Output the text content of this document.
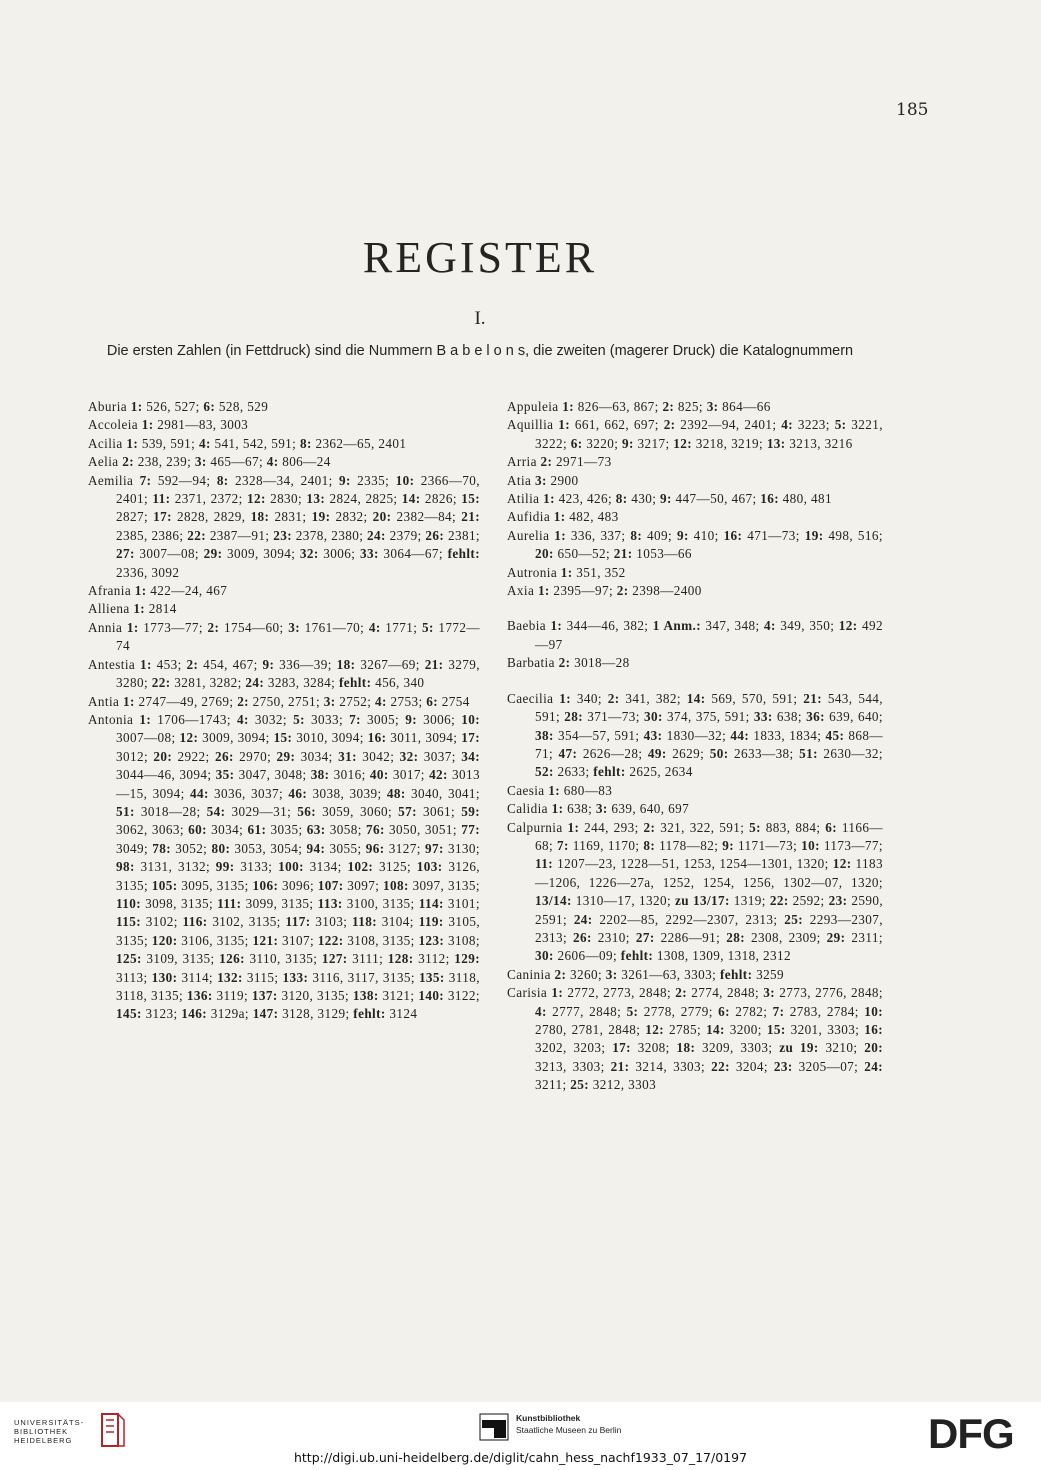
185
REGISTER
I.
Die ersten Zahlen (in Fettdruck) sind die Nummern B a b e l o n s, die zweiten (magerer Druck) die Katalognummern
Aburia 1: 526, 527; 6: 528, 529
Accoleia 1: 2981—83, 3003
Acilia 1: 539, 591; 4: 541, 542, 591; 8: 2362—65, 2401
Aelia 2: 238, 239; 3: 465—67; 4: 806—24
Aemilia 7: 592—94; 8: 2328—34, 2401; 9: 2335; 10: 2366—70, 2401; 11: 2371, 2372; 12: 2830; 13: 2824, 2825; 14: 2826; 15: 2827; 17: 2828, 2829, 18: 2831; 19: 2832; 20: 2382—84; 21: 2385, 2386; 22: 2387—91; 23: 2378, 2380; 24: 2379; 26: 2381; 27: 3007—08; 29: 3009, 3094; 32: 3006; 33: 3064—67; fehlt: 2336, 3092
Afrania 1: 422—24, 467
Alliena 1: 2814
Annia 1: 1773—77; 2: 1754—60; 3: 1761—70; 4: 1771; 5: 1772—74
Antestia 1: 453; 2: 454, 467; 9: 336—39; 18: 3267—69; 21: 3279, 3280; 22: 3281, 3282; 24: 3283, 3284; fehlt: 456, 340
Antia 1: 2747—49, 2769; 2: 2750, 2751; 3: 2752; 4: 2753; 6: 2754
Antonia 1: 1706—1743; 4: 3032; 5: 3033; 7: 3005; 9: 3006; 10: 3007—08; 12: 3009, 3094; 15: 3010, 3094; 16: 3011, 3094; 17: 3012; 20: 2922; 26: 2970; 29: 3034; 31: 3042; 32: 3037; 34: 3044—46, 3094; 35: 3047, 3048; 38: 3016; 40: 3017; 42: 3013—15, 3094; 44: 3036, 3037; 46: 3038, 3039; 48: 3040, 3041; 51: 3018—28; 54: 3029—31; 56: 3059, 3060; 57: 3061; 59: 3062, 3063; 60: 3034; 61: 3035; 63: 3058; 76: 3050, 3051; 77: 3049; 78: 3052; 80: 3053, 3054; 94: 3055; 96: 3127; 97: 3130; 98: 3131, 3132; 99: 3133; 100: 3134; 102: 3125; 103: 3126, 3135; 105: 3095, 3135; 106: 3096; 107: 3097; 108: 3097, 3135; 110: 3098, 3135; 111: 3099, 3135; 113: 3100, 3135; 114: 3101; 115: 3102; 116: 3102, 3135; 117: 3103; 118: 3104; 119: 3105, 3135; 120: 3106, 3135; 121: 3107; 122: 3108, 3135; 123: 3108; 125: 3109, 3135; 126: 3110, 3135; 127: 3111; 128: 3112; 129: 3113; 130: 3114; 132: 3115; 133: 3116, 3117, 3135; 135: 3118, 3118, 3135; 136: 3119; 137: 3120, 3135; 138: 3121; 140: 3122; 145: 3123; 146: 3129a; 147: 3128, 3129; fehlt: 3124
Appuleia 1: 826—63, 867; 2: 825; 3: 864—66
Aquillia 1: 661, 662, 697; 2: 2392—94, 2401; 4: 3223; 5: 3221, 3222; 6: 3220; 9: 3217; 12: 3218, 3219; 13: 3213, 3216
Arria 2: 2971—73
Atia 3: 2900
Atilia 1: 423, 426; 8: 430; 9: 447—50, 467; 16: 480, 481
Aufidia 1: 482, 483
Aurelia 1: 336, 337; 8: 409; 9: 410; 16: 471—73; 19: 498, 516; 20: 650—52; 21: 1053—66
Autronia 1: 351, 352
Axia 1: 2395—97; 2: 2398—2400
Baebia 1: 344—46, 382; 1 Anm.: 347, 348; 4: 349, 350; 12: 492—97
Barbatia 2: 3018—28
Caecilia 1: 340; 2: 341, 382; 14: 569, 570, 591; 21: 543, 544, 591; 28: 371—73; 30: 374, 375, 591; 33: 638; 36: 639, 640; 38: 354—57, 591; 43: 1830—32; 44: 1833, 1834; 45: 868—71; 47: 2626—28; 49: 2629; 50: 2633—38; 51: 2630—32; 52: 2633; fehlt: 2625, 2634
Caesia 1: 680—83
Calidia 1: 638; 3: 639, 640, 697
Calpurnia 1: 244, 293; 2: 321, 322, 591; 5: 883, 884; 6: 1166—68; 7: 1169, 1170; 8: 1178—82; 9: 1171—73; 10: 1173—77; 11: 1207—23, 1228—51, 1253, 1254—1301, 1320; 12: 1183—1206, 1226—27a, 1252, 1254, 1256, 1302—07, 1320; 13/14: 1310—17, 1320; zu 13/17: 1319; 22: 2592; 23: 2590, 2591; 24: 2202—85, 2292—2307, 2313; 25: 2293—2307, 2313; 26: 2310; 27: 2286—91; 28: 2308, 2309; 29: 2311; 30: 2606—09; fehlt: 1308, 1309, 1318, 2312
Caninia 2: 3260; 3: 3261—63, 3303; fehlt: 3259
Carisia 1: 2772, 2773, 2848; 2: 2774, 2848; 3: 2773, 2776, 2848; 4: 2777, 2848; 5: 2778, 2779; 6: 2782; 7: 2783, 2784; 10: 2780, 2781, 2848; 12: 2785; 14: 3200; 15: 3201, 3303; 16: 3202, 3203; 17: 3208; 18: 3209, 3303; zu 19: 3210; 20: 3213, 3303; 21: 3214, 3303; 22: 3204; 23: 3205—07; 24: 3211; 25: 3212, 3303
UNIVERSITÄTS-
BIBLIOTHEK
HEIDELBERG
Kunstbibliothek
Staatliche Museen zu Berlin	DFG
http://digi.ub.uni-heidelberg.de/diglit/cahn_hess_nachf1933_07_17/0197
